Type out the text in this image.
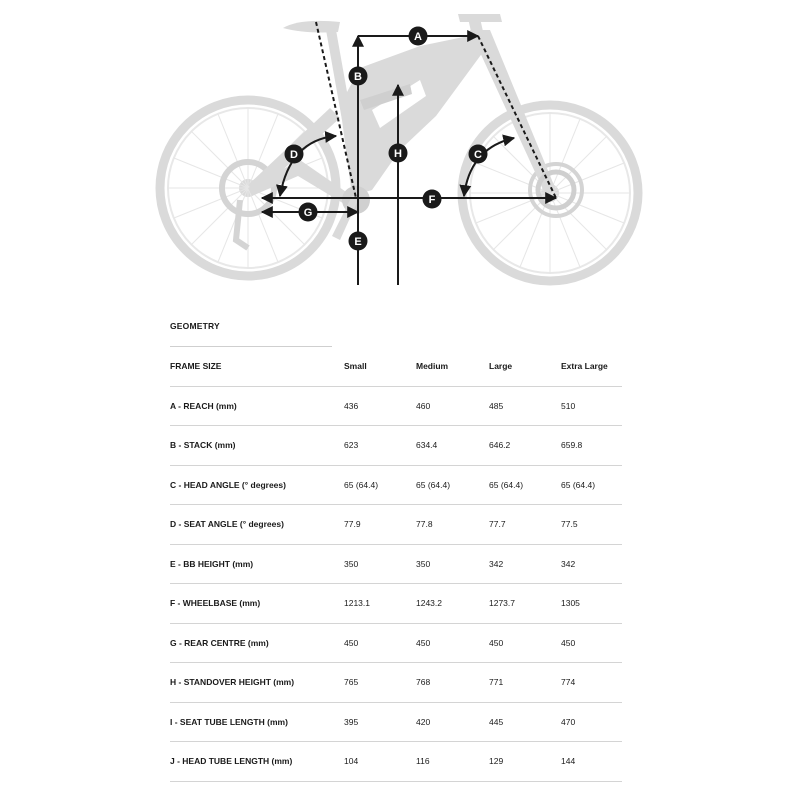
A
B
C
D
E
F
G
H
GEOMETRY
FRAME SIZE	Small	Medium	Large	Extra Large
A - REACH (mm)	436	460	485	510
B - STACK (mm)	623	634.4	646.2	659.8
C - HEAD ANGLE (° degrees)	65 (64.4)	65 (64.4)	65 (64.4)	65 (64.4)
D - SEAT ANGLE (° degrees)	77.9	77.8	77.7	77.5
E - BB HEIGHT (mm)	350	350	342	342
F - WHEELBASE (mm)	1213.1	1243.2	1273.7	1305
G - REAR CENTRE (mm)	450	450	450	450
H - STANDOVER HEIGHT (mm)	765	768	771	774
I - SEAT TUBE LENGTH (mm)	395	420	445	470
J - HEAD TUBE LENGTH (mm)	104	116	129	144
